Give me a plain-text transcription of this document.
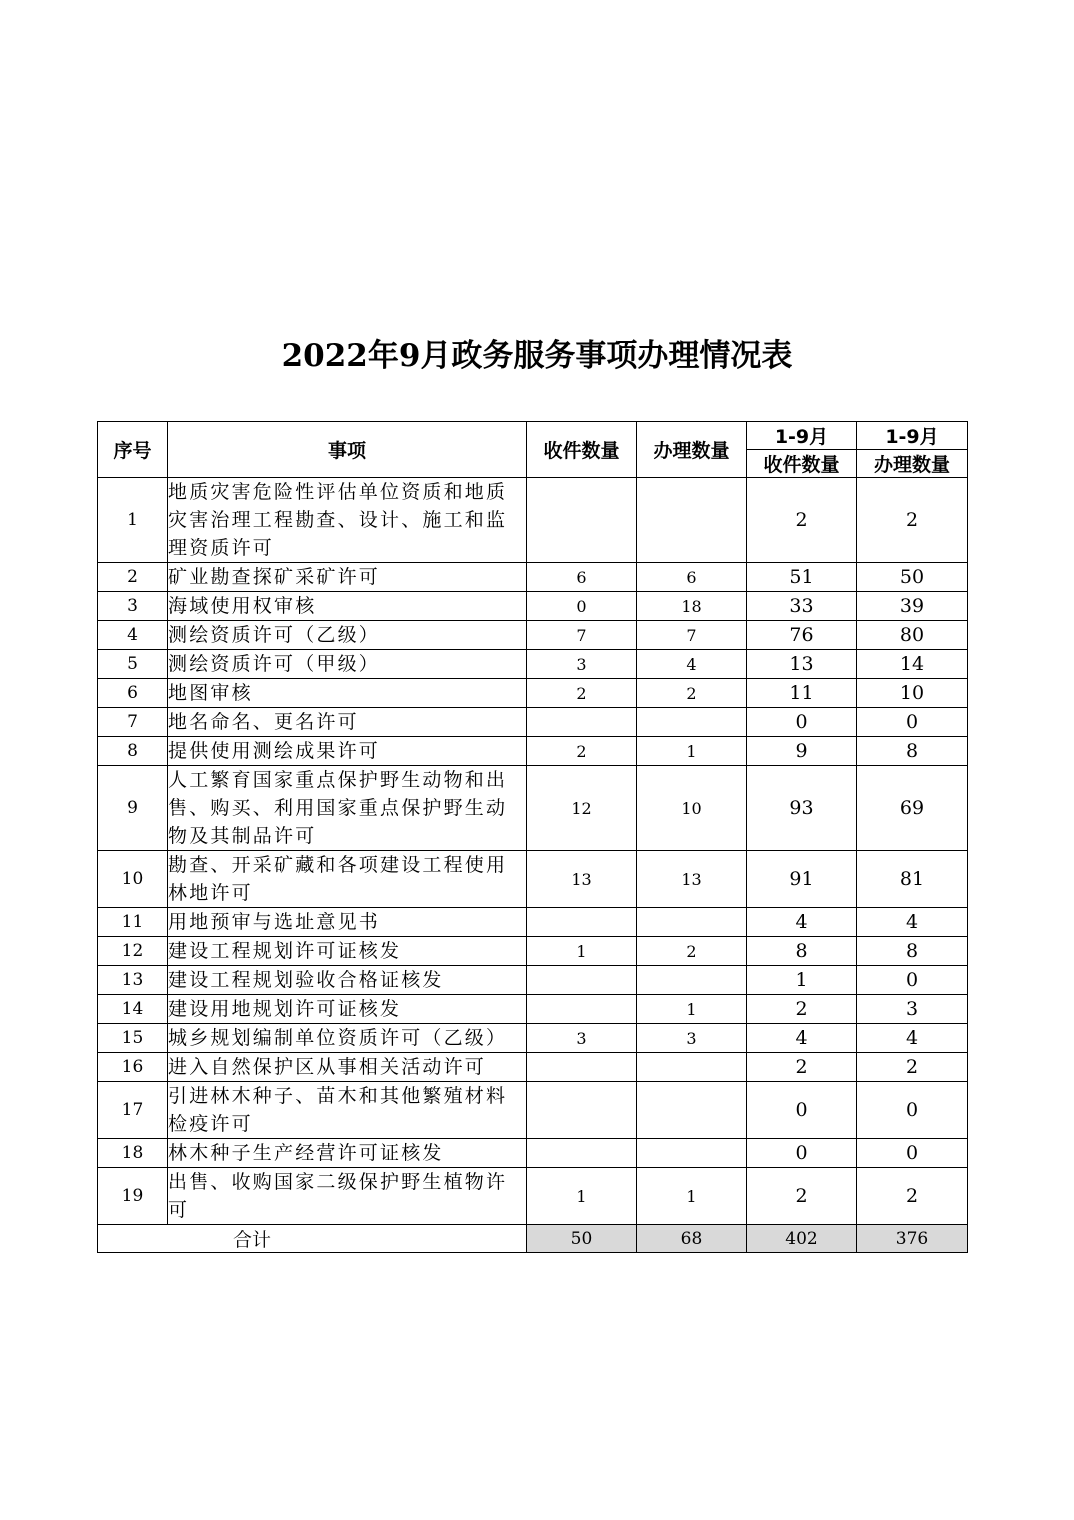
2022年9月政务服务事项办理情况表
序号	事项	收件数量	办理数量	1-9月	1-9月
				收件数量	办理数量
1	地质灾害危险性评估单位资质和地质灾害治理工程勘查、设计、施工和监理资质许可			2	2
2	矿业勘查探矿采矿许可	6	6	51	50
3	海域使用权审核	0	18	33	39
4	测绘资质许可（乙级）	7	7	76	80
5	测绘资质许可（甲级）	3	4	13	14
6	地图审核	2	2	11	10
7	地名命名、更名许可			0	0
8	提供使用测绘成果许可	2	1	9	8
9	人工繁育国家重点保护野生动物和出售、购买、利用国家重点保护野生动物及其制品许可	12	10	93	69
10	勘查、开采矿藏和各项建设工程使用林地许可	13	13	91	81
11	用地预审与选址意见书			4	4
12	建设工程规划许可证核发	1	2	8	8
13	建设工程规划验收合格证核发			1	0
14	建设用地规划许可证核发		1	2	3
15	城乡规划编制单位资质许可（乙级）	3	3	4	4
16	进入自然保护区从事相关活动许可			2	2
17	引进林木种子、苗木和其他繁殖材料检疫许可			0	0
18	林木种子生产经营许可证核发			0	0
19	出售、收购国家二级保护野生植物许可	1	1	2	2
合计		50	68	402	376
